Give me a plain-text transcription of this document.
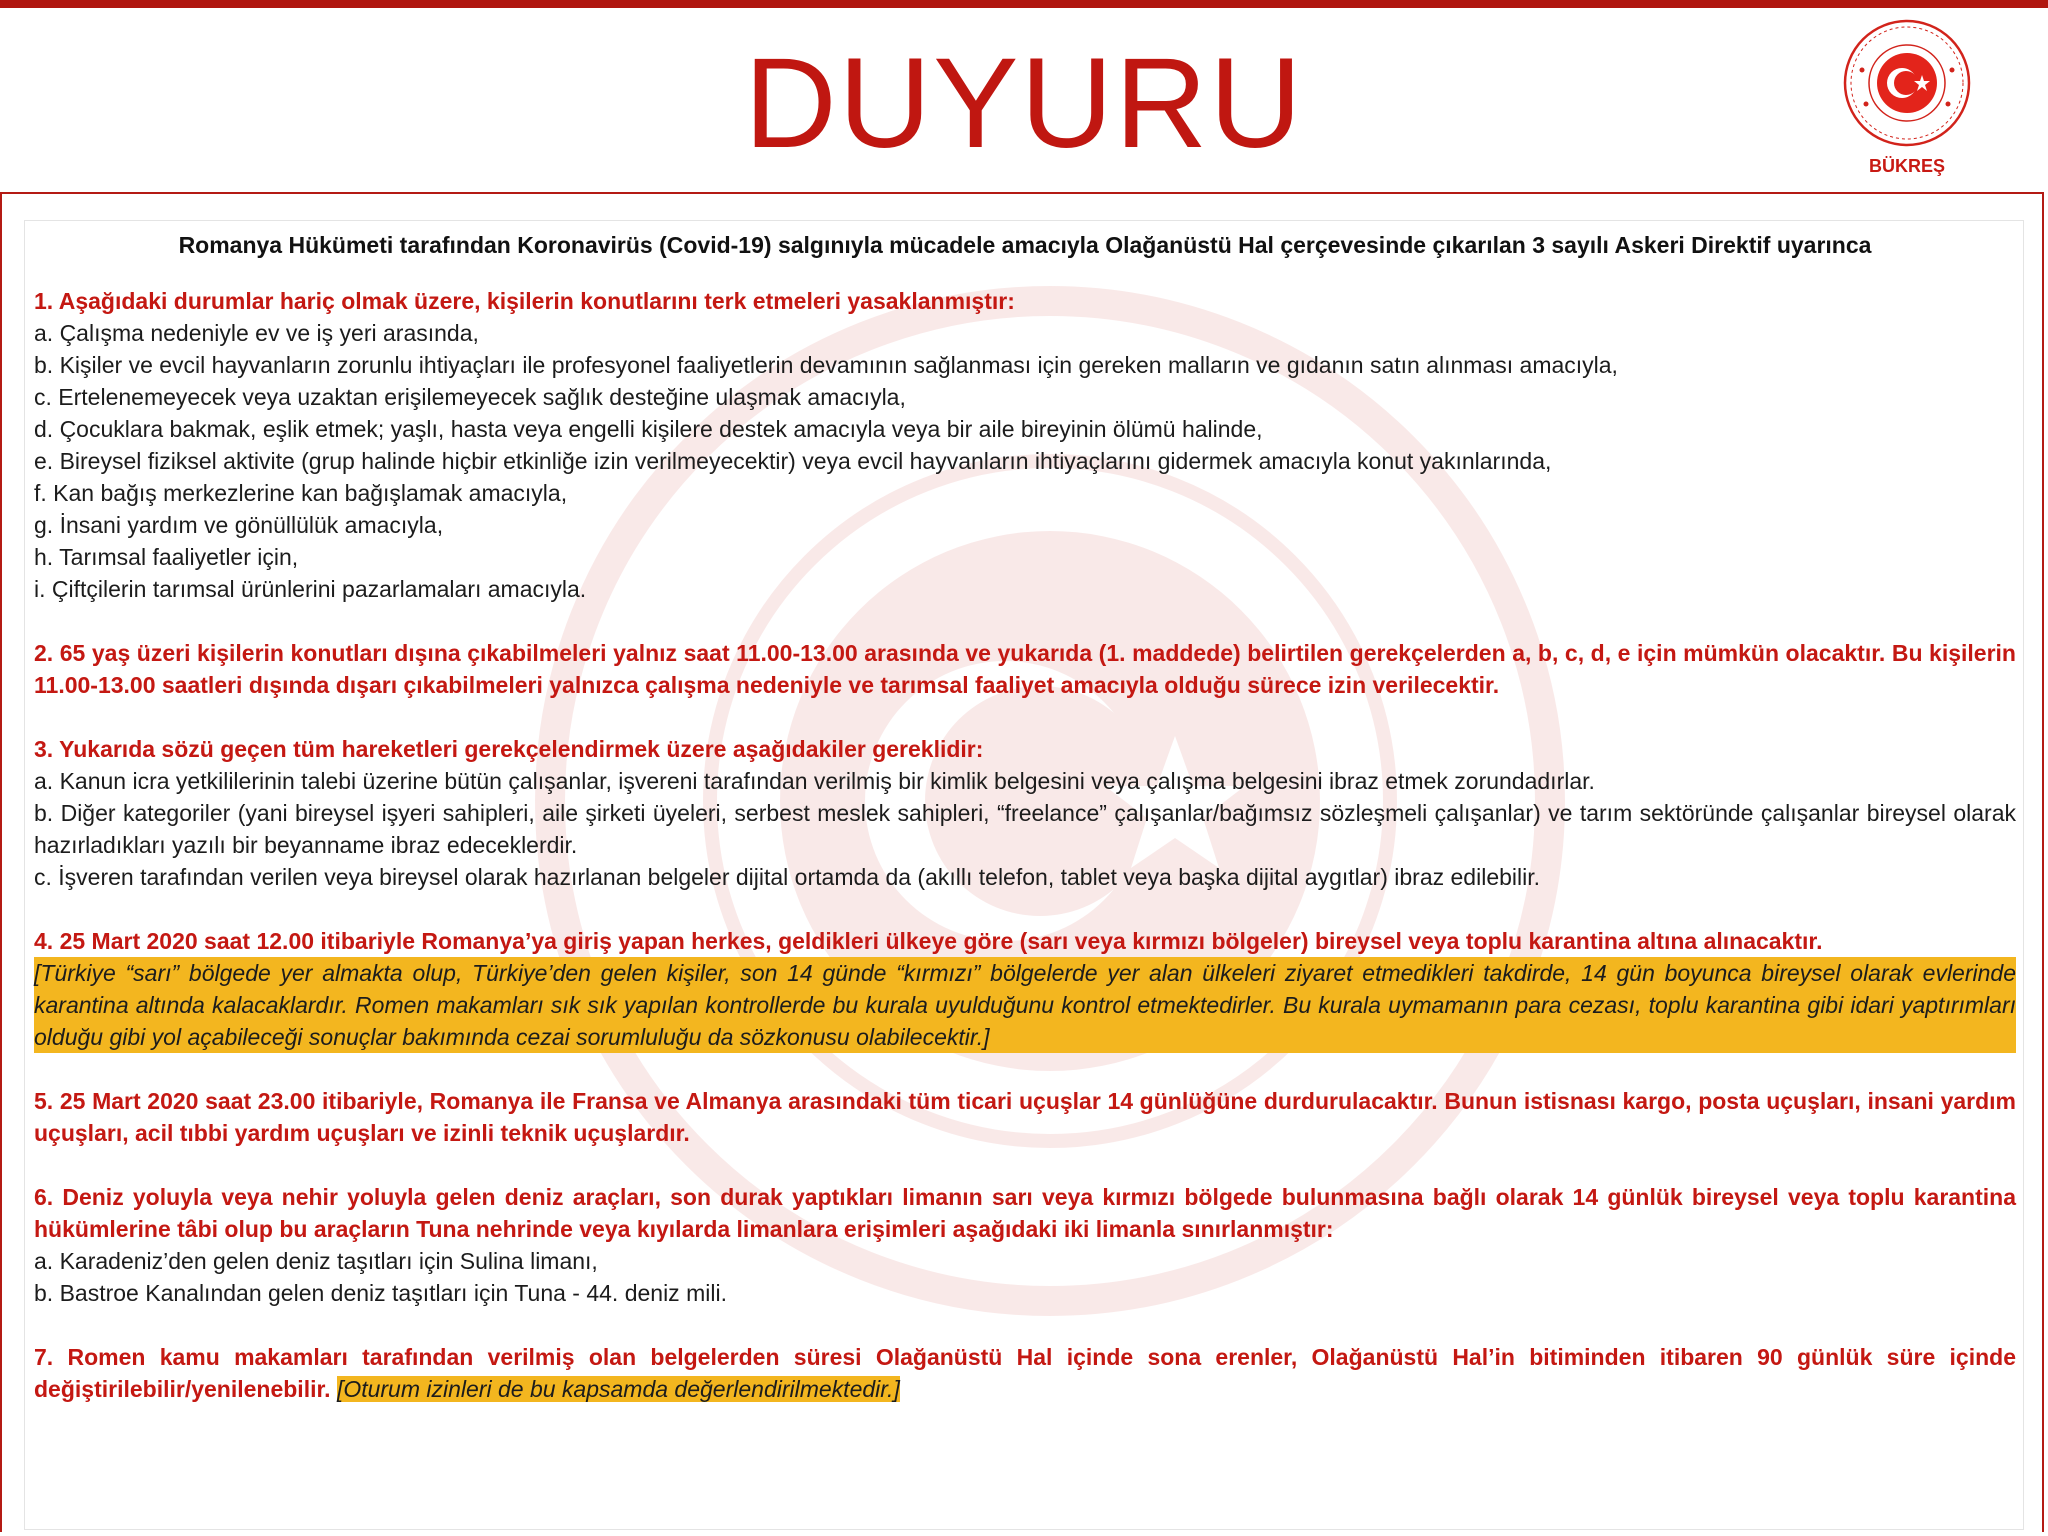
DUYURU	BÜKREŞ

Romanya Hükümeti tarafından Koronavirüs (Covid-19) salgınıyla mücadele amacıyla Olağanüstü Hal çerçevesinde çıkarılan 3 sayılı Askeri Direktif uyarınca

1. Aşağıdaki durumlar hariç olmak üzere, kişilerin konutlarını terk etmeleri yasaklanmıştır:

a. Çalışma nedeniyle ev ve iş yeri arasında,

b. Kişiler ve evcil hayvanların zorunlu ihtiyaçları ile profesyonel faaliyetlerin devamının sağlanması için gereken malların ve gıdanın satın alınması amacıyla,

c. Ertelenemeyecek veya uzaktan erişilemeyecek sağlık desteğine ulaşmak amacıyla,

d. Çocuklara bakmak, eşlik etmek; yaşlı, hasta veya engelli kişilere destek amacıyla veya bir aile bireyinin ölümü halinde,

e. Bireysel fiziksel aktivite (grup halinde hiçbir etkinliğe izin verilmeyecektir) veya evcil hayvanların ihtiyaçlarını gidermek amacıyla konut yakınlarında,

f. Kan bağış merkezlerine kan bağışlamak amacıyla,

g. İnsani yardım ve gönüllülük amacıyla,

h. Tarımsal faaliyetler için,

i. Çiftçilerin tarımsal ürünlerini pazarlamaları amacıyla.

2. 65 yaş üzeri kişilerin konutları dışına çıkabilmeleri yalnız saat 11.00-13.00 arasında ve yukarıda (1. maddede) belirtilen gerekçelerden a, b, c, d, e için mümkün olacaktır. Bu kişilerin 11.00-13.00 saatleri dışında dışarı çıkabilmeleri yalnızca çalışma nedeniyle ve tarımsal faaliyet amacıyla olduğu sürece izin verilecektir.

3. Yukarıda sözü geçen tüm hareketleri gerekçelendirmek üzere aşağıdakiler gereklidir:

a. Kanun icra yetkililerinin talebi üzerine bütün çalışanlar, işvereni tarafından verilmiş bir kimlik belgesini veya çalışma belgesini ibraz etmek zorundadırlar.

b. Diğer kategoriler (yani bireysel işyeri sahipleri, aile şirketi üyeleri, serbest meslek sahipleri, “freelance” çalışanlar/bağımsız sözleşmeli çalışanlar) ve tarım sektöründe çalışanlar bireysel olarak hazırladıkları yazılı bir beyanname ibraz edeceklerdir.

c. İşveren tarafından verilen veya bireysel olarak hazırlanan belgeler dijital ortamda da (akıllı telefon, tablet veya başka dijital aygıtlar) ibraz edilebilir.

4. 25 Mart 2020 saat 12.00 itibariyle Romanya’ya giriş yapan herkes, geldikleri ülkeye göre (sarı veya kırmızı bölgeler) bireysel veya toplu karantina altına alınacaktır.

[Türkiye “sarı” bölgede yer almakta olup, Türkiye’den gelen kişiler, son 14 günde “kırmızı” bölgelerde yer alan ülkeleri ziyaret etmedikleri takdirde, 14 gün boyunca bireysel olarak evlerinde karantina altında kalacaklardır. Romen makamları sık sık yapılan kontrollerde bu kurala uyulduğunu kontrol etmektedirler. Bu kurala uymamanın para cezası, toplu karantina gibi idari yaptırımları olduğu gibi yol açabileceği sonuçlar bakımında cezai sorumluluğu da sözkonusu olabilecektir.]

5. 25 Mart 2020 saat 23.00 itibariyle, Romanya ile Fransa ve Almanya arasındaki tüm ticari uçuşlar 14 günlüğüne durdurulacaktır. Bunun istisnası kargo, posta uçuşları, insani yardım uçuşları, acil tıbbi yardım uçuşları ve izinli teknik uçuşlardır.

6. Deniz yoluyla veya nehir yoluyla gelen deniz araçları, son durak yaptıkları limanın sarı veya kırmızı bölgede bulunmasına bağlı olarak 14 günlük bireysel veya toplu karantina hükümlerine tâbi olup bu araçların Tuna nehrinde veya kıyılarda limanlara erişimleri aşağıdaki iki limanla sınırlanmıştır:

a. Karadeniz’den gelen deniz taşıtları için Sulina limanı,

b. Bastroe Kanalından gelen deniz taşıtları için Tuna - 44. deniz mili.

7. Romen kamu makamları tarafından verilmiş olan belgelerden süresi Olağanüstü Hal içinde sona erenler, Olağanüstü Hal’in bitiminden itibaren 90 günlük süre içinde değiştirilebilir/yenilenebilir. [Oturum izinleri de bu kapsamda değerlendirilmektedir.]
